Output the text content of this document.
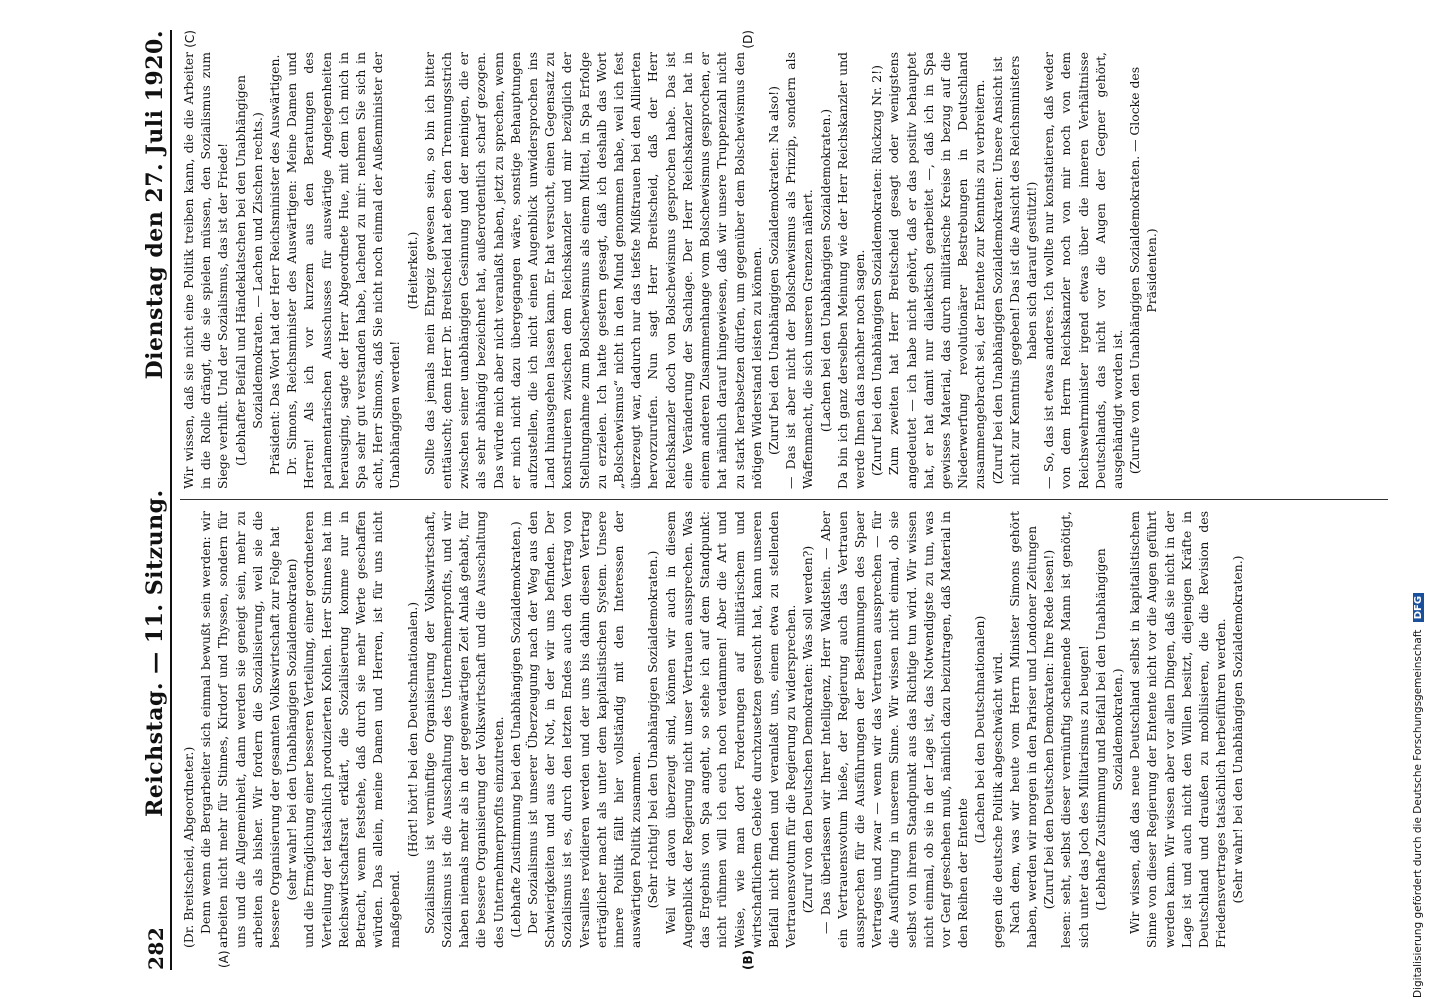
282
Reichstag. — 11. Sitzung.
Dienstag den 27. Juli 1920.
(A)	(B)

(Dr. Breitscheid, Abgeordneter.) Denn wenn die Bergarbeiter sich einmal bewußt sein werden: wir arbeiten nicht mehr für Stinnes, Kirdorf und Thyssen, sondern für uns und die Allgemeinheit, dann werden sie geneigt sein, mehr zu arbeiten als bisher. Wir fordern die Sozialisierung, weil sie die bessere Organisierung der gesamten Volkswirtschaft zur Folge hat (sehr wahr! bei den Unabhängigen Sozialdemokraten) und die Ermöglichung einer besseren Verteilung, einer geordneteren Verteilung der tatsächlich produzierten Kohlen. Herr Stinnes hat im Reichswirtschaftsrat erklärt, die Sozialisierung komme nur in Betracht, wenn feststehe, daß durch sie mehr Werte geschaffen würden. Das allein, meine Damen und Herren, ist für uns nicht maßgebend.

(Hört! hört! bei den Deutschnationalen.) Sozialismus ist vernünftige Organisierung der Volkswirtschaft, Sozialismus ist die Ausschaltung des Unternehmerprofits, und wir haben niemals mehr als in der gegenwärtigen Zeit Anlaß gehabt, für die bessere Organisierung der Volkswirtschaft und die Ausschaltung des Unternehmerprofits einzutreten. (Lebhafte Zustimmung bei den Unabhängigen Sozialdemokraten.) Der Sozialismus ist unserer Überzeugung nach der Weg aus den Schwierigkeiten und aus der Not, in der wir uns befinden. Der Sozialismus ist es, durch den letzten Endes auch den Vertrag von Versailles revidieren werden und der uns bis dahin diesen Vertrag erträglicher macht als unter dem kapitalistischen System. Unsere innere Politik fällt hier vollständig mit den Interessen der auswärtigen Politik zusammen. (Sehr richtig! bei den Unabhängigen Sozialdemokraten.) Weil wir davon überzeugt sind, können wir auch in diesem Augenblick der Regierung nicht unser Vertrauen aussprechen. Was das Ergebnis von Spa angeht, so stehe ich auf dem Standpunkt: nicht rühmen will ich euch noch verdammen! Aber die Art und Weise, wie man dort Forderungen auf militärischem und wirtschaftlichem Gebiete durchzusetzen gesucht hat, kann unseren Beifall nicht finden und veranlaßt uns, einem etwa zu stellenden Vertrauensvotum für die Regierung zu widersprechen. (Zuruf von den Deutschen Demokraten: Was soll werden?) — Das überlassen wir Ihrer Intelligenz, Herr Waldstein. — Aber ein Vertrauensvotum hieße, der Regierung auch das Vertrauen aussprechen für die Ausführungen der Bestimmungen des Spaer Vertrages und zwar — wenn wir das Vertrauen aussprechen — für die Ausführung in unserem Sinne. Wir wissen nicht einmal, ob sie selbst von ihrem Standpunkt aus das Richtige tun wird. Wir wissen nicht einmal, ob sie in der Lage ist, das Notwendigste zu tun, was vor Genf geschehen muß, nämlich dazu beizutragen, daß Material in den Reihen der Entente

(Lachen bei den Deutschnationalen) gegen die deutsche Politik abgeschwächt wird. Nach dem, was wir heute vom Herrn Minister Simons gehört haben, werden wir morgen in den Pariser und Londoner Zeitungen (Zuruf bei den Deutschen Demokraten: Ihre Rede lesen!) lesen: seht, selbst dieser vernünftig scheinende Mann ist genötigt, sich unter das Joch des Militarismus zu beugen! (Lebhafte Zustimmung und Beifall bei den Unabhängigen Sozialdemokraten.) Wir wissen, daß das neue Deutschland selbst in kapitalistischem Sinne von dieser Regierung der Entente nicht vor die Augen geführt werden kann. Wir wissen aber vor allen Dingen, daß sie nicht in der Lage ist und auch nicht den Willen besitzt, diejenigen Kräfte in Deutschland und draußen zu mobilisieren, die die Revision des Friedensvertrages tatsächlich herbeiführen werden. (Sehr wahr! bei den Unabhängigen Sozialdemokraten.)

(C)	(D)

Wir wissen, daß sie nicht eine Politik treiben kann, die die Arbeiter in die Rolle drängt, die sie spielen müssen, den Sozialismus zum Siege verhilft. Und der Sozialismus, das ist der Friede! (Lebhafter Beifall und Händeklatschen bei den Unabhängigen Sozialdemokraten. — Lachen und Zischen rechts.) Präsident: Das Wort hat der Herr Reichsminister des Auswärtigen. Dr. Simons, Reichsminister des Auswärtigen: Meine Damen und Herren! Als ich vor kurzem aus den Beratungen des parlamentarischen Ausschusses für auswärtige Angelegenheiten herausging, sagte der Herr Abgeordnete Hue, mit dem ich mich in Spa sehr gut verstanden habe, lachend zu mir: nehmen Sie sich in acht, Herr Simons, daß Sie nicht noch einmal der Außenminister der Unabhängigen werden!

(Heiterkeit.) Sollte das jemals mein Ehrgeiz gewesen sein, so bin ich bitter enttäuscht; denn Herr Dr. Breitscheid hat eben den Trennungsstrich zwischen seiner unabhängigen Gesinnung und der meinigen, die er als sehr abhängig bezeichnet hat, außerordentlich scharf gezogen. Das würde mich aber nicht veranlaßt haben, jetzt zu sprechen, wenn er mich nicht dazu übergegangen wäre, sonstige Behauptungen aufzustellen, die ich nicht einen Augenblick unwidersprochen ins Land hinausgehen lassen kann. Er hat versucht, einen Gegensatz zu konstruieren zwischen dem Reichskanzler und mir bezüglich der Stellungnahme zum Bolschewismus als einem Mittel, in Spa Erfolge zu erzielen. Ich hatte gestern gesagt, daß ich deshalb das Wort „Bolschewismus“ nicht in den Mund genommen habe, weil ich fest überzeugt war, dadurch nur das tiefste Mißtrauen bei den Alliierten hervorzurufen. Nun sagt Herr Breitscheid, daß der Herr Reichskanzler doch von Bolschewismus gesprochen habe. Das ist eine Veränderung der Sachlage. Der Herr Reichskanzler hat in einem anderen Zusammenhange vom Bolschewismus gesprochen, er hat nämlich darauf hingewiesen, daß wir unsere Truppenzahl nicht zu stark herabsetzen dürfen, um gegenüber dem Bolschewismus den nötigen Widerstand leisten zu können. (Zuruf bei den Unabhängigen Sozialdemokraten: Na also!) — Das ist aber nicht der Bolschewismus als Prinzip, sondern als Waffenmacht, die sich unseren Grenzen nähert. (Lachen bei den Unabhängigen Sozialdemokraten.) Da bin ich ganz derselben Meinung wie der Herr Reichskanzler und werde Ihnen das nachher noch sagen. (Zuruf bei den Unabhängigen Sozialdemokraten: Rückzug Nr. 2!) Zum zweiten hat Herr Breitscheid gesagt oder wenigstens angedeutet — ich habe nicht gehört, daß er das positiv behauptet hat, er hat damit nur dialektisch gearbeitet —, daß ich in Spa gewisses Material, das durch militärische Kreise in bezug auf die Niederwerfung revolutionärer Bestrebungen in Deutschland zusammengebracht sei, der Entente zur Kenntnis zu verbreitern. (Zuruf bei den Unabhängigen Sozialdemokraten: Unsere Ansicht ist nicht zur Kenntnis gegeben! Das ist die Ansicht des Reichsministers haben sich darauf gestützt!) — So, das ist etwas anderes. Ich wollte nur konstatieren, daß weder von dem Herrn Reichskanzler noch von mir noch von dem Reichswehrminister irgend etwas über die inneren Verhältnisse Deutschlands, das nicht vor die Augen der Gegner gehört, ausgehändigt worden ist. (Zurufe von den Unabhängigen Sozialdemokraten. — Glocke des Präsidenten.)

Digitalisierung gefördert durch die Deutsche Forschungsgemeinschaft DFG
